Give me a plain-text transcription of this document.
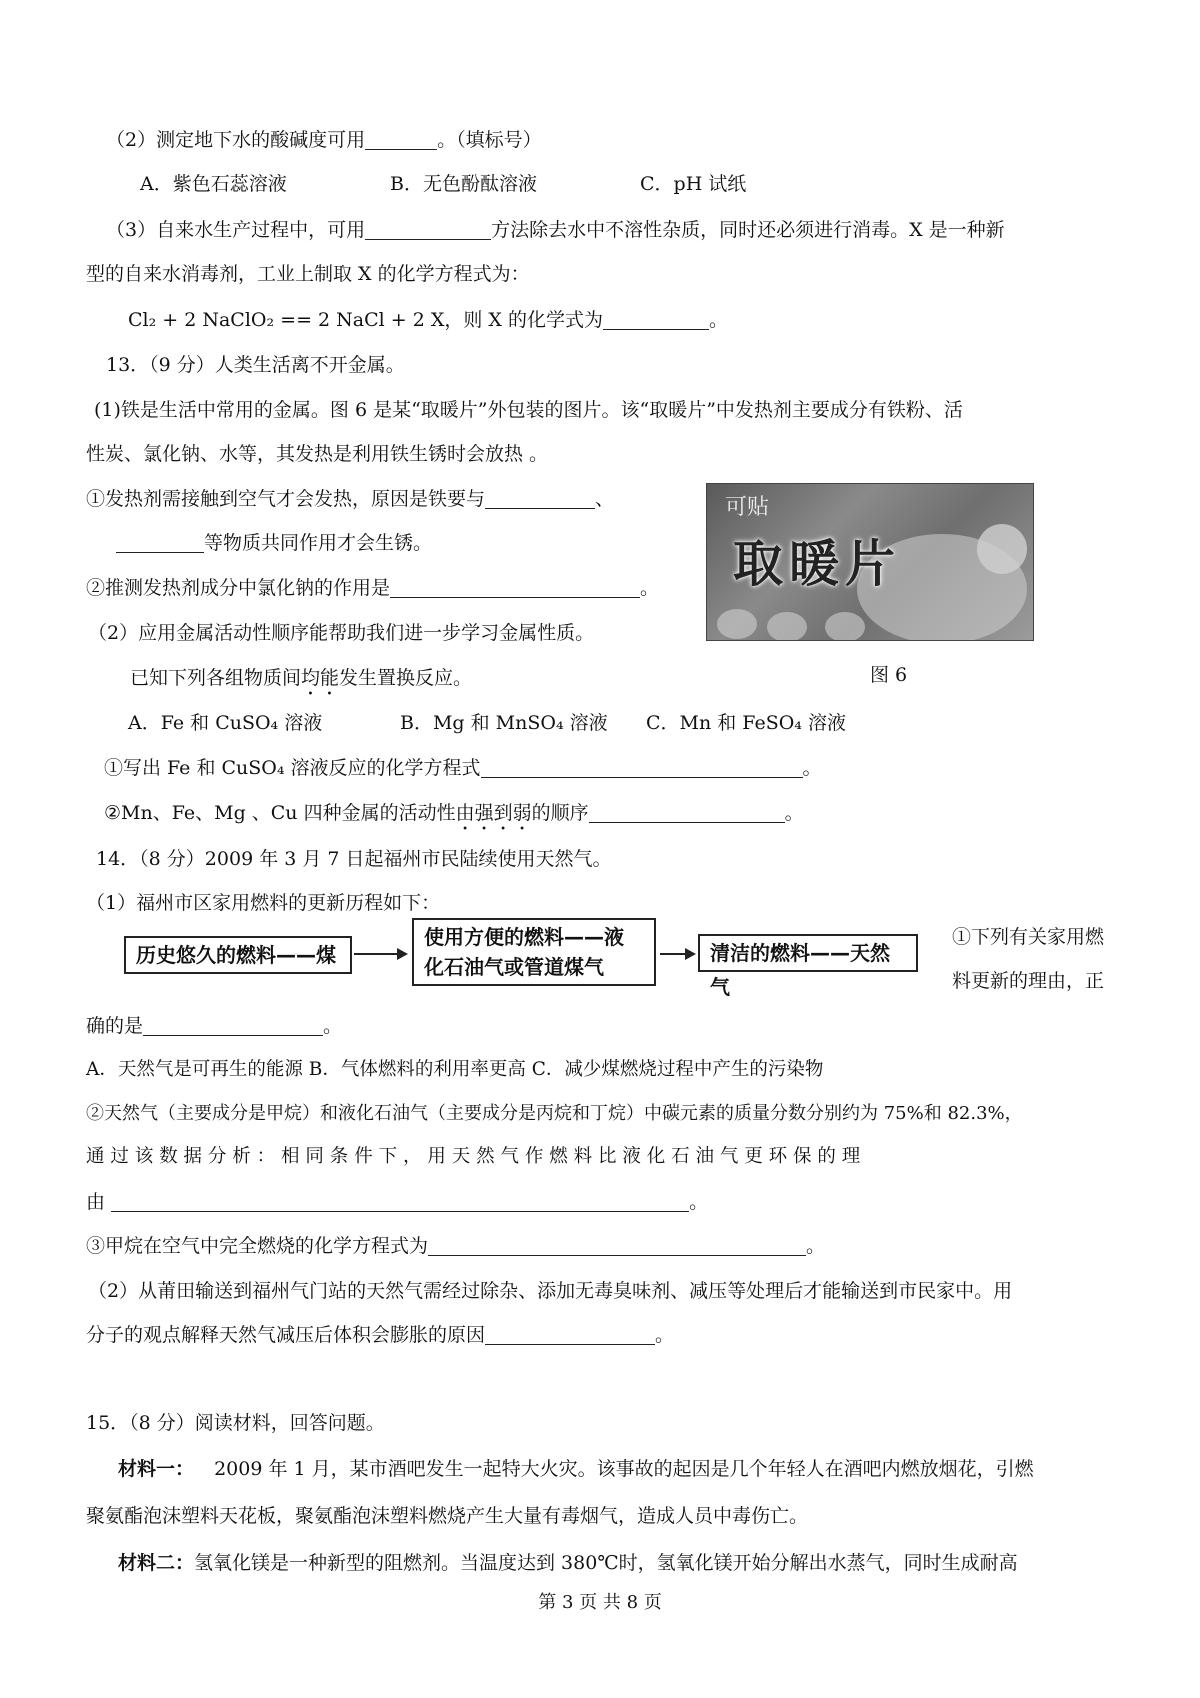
（2）测定地下水的酸碱度可用	。（填标号）
A．紫色石蕊溶液	B．无色酚酞溶液	C．pH 试纸
（3）自来水生产过程中，可用	方法除去水中不溶性杂质，同时还必须进行消毒。X 是一种新
型的自来水消毒剂，工业上制取 X 的化学方程式为：
Cl₂ + 2 NaClO₂ == 2 NaCl + 2 X，则 X 的化学式为	。
13．（9 分）人类生活离不开金属。
(1)铁是生活中常用的金属。图 6 是某“取暖片”外包装的图片。该“取暖片”中发热剂主要成分有铁粉、活
性炭、氯化钠、水等，其发热是利用铁生锈时会放热 。
①发热剂需接触到空气才会发热，原因是铁要与	、
等物质共同作用才会生锈。
②推测发热剂成分中氯化钠的作用是	。
（2）应用金属活动性顺序能帮助我们进一步学习金属性质。
已知下列各组物质间均能发生置换反应。
A．Fe 和 CuSO₄ 溶液	B．Mg 和 MnSO₄ 溶液 C．Mn 和 FeSO₄ 溶液
①写出 Fe 和 CuSO₄ 溶液反应的化学方程式	。
②Mn、Fe、Mg 、Cu 四种金属的活动性由强到弱的顺序	。
可贴
取暖片
图 6
14．（8 分）2009 年 3 月 7 日起福州市民陆续使用天然气。
（1）福州市区家用燃料的更新历程如下：
历史悠久的燃料——煤
使用方便的燃料——液
化石油气或管道煤气
清洁的燃料——天然气
①下列有关家用燃
料更新的理由，正
确的是	。
A．天然气是可再生的能源 B．气体燃料的利用率更高 C．减少煤燃烧过程中产生的污染物
②天然气（主要成分是甲烷）和液化石油气（主要成分是丙烷和丁烷）中碳元素的质量分数分别约为 75%和 82.3%，
通 过 该 数 据 分 析 ： 相 同 条 件 下 ， 用 天 然 气 作 燃 料 比 液 化 石 油 气 更 环 保 的 理
由	。
③甲烷在空气中完全燃烧的化学方程式为	。
（2）从莆田输送到福州气门站的天然气需经过除杂、添加无毒臭味剂、减压等处理后才能输送到市民家中。用
分子的观点解释天然气减压后体积会膨胀的原因	。
15．（8 分）阅读材料，回答问题。
材料一： 2009 年 1 月，某市酒吧发生一起特大火灾。该事故的起因是几个年轻人在酒吧内燃放烟花，引燃
聚氨酯泡沫塑料天花板，聚氨酯泡沫塑料燃烧产生大量有毒烟气，造成人员中毒伤亡。
材料二：氢氧化镁是一种新型的阻燃剂。当温度达到 380℃时，氢氧化镁开始分解出水蒸气，同时生成耐高
第 3 页 共 8 页
